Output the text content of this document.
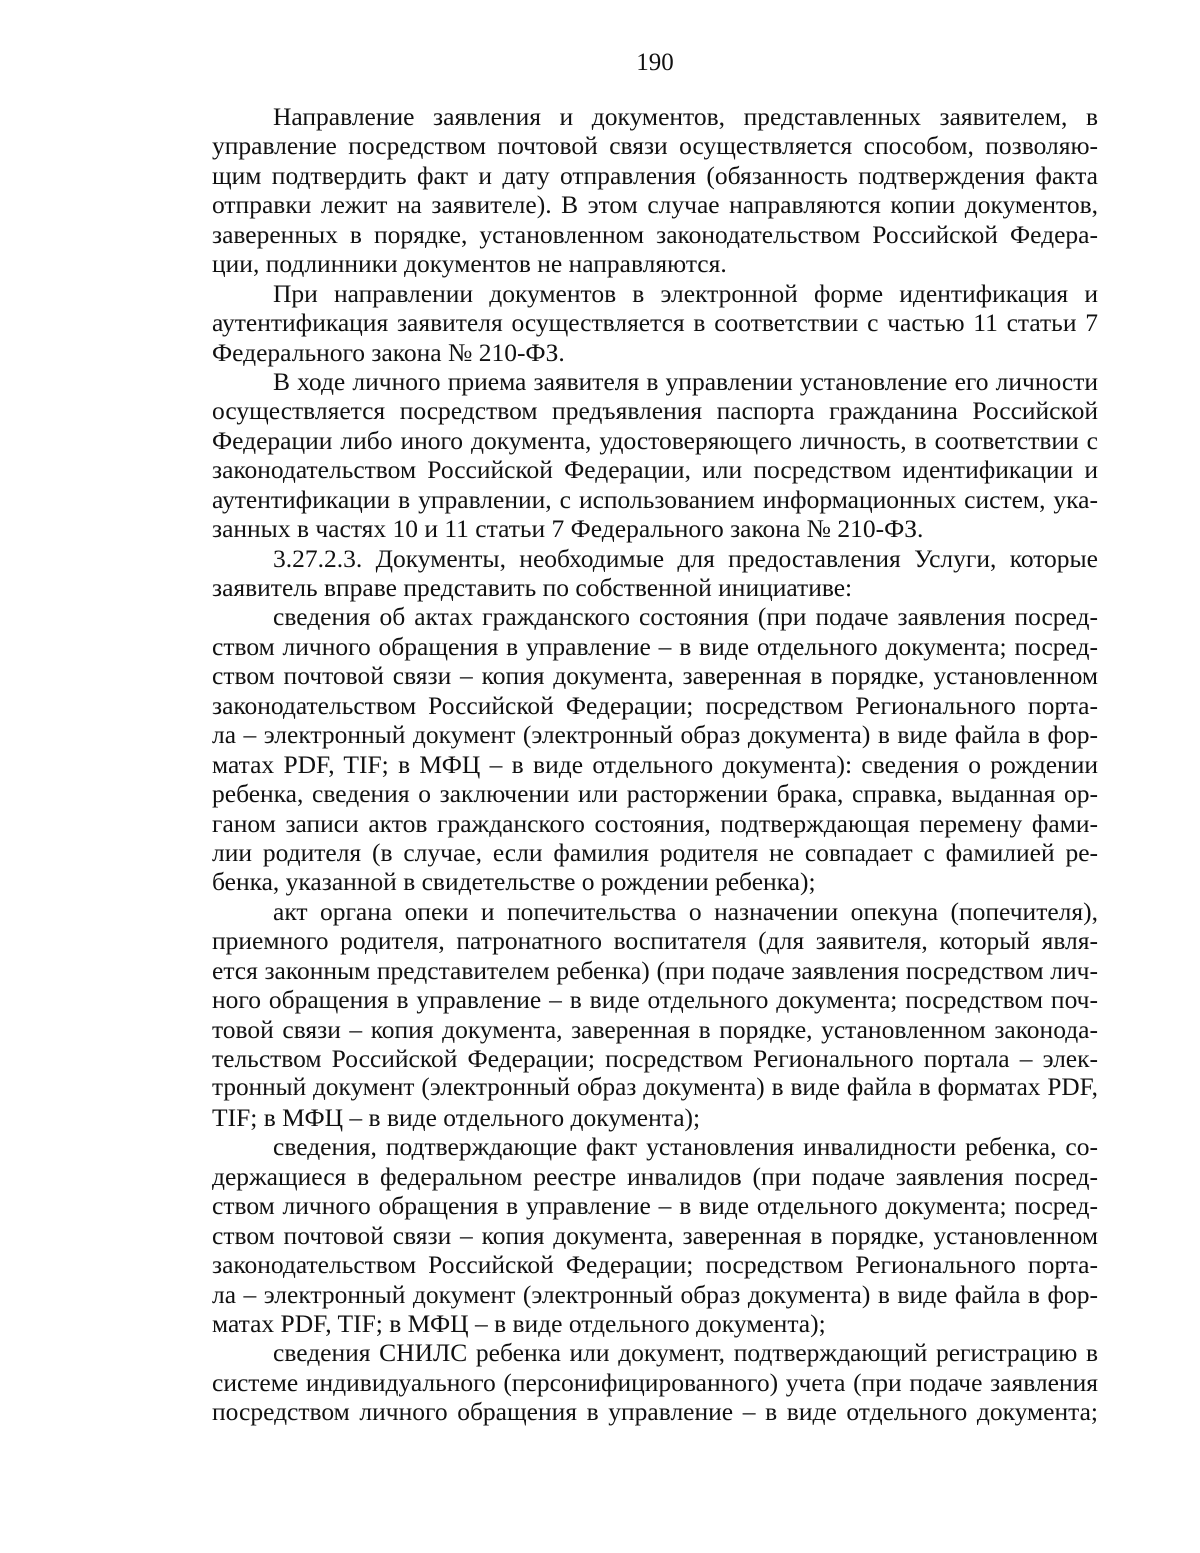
190
Направление заявления и документов, представленных заявителем, в
управление посредством почтовой связи осуществляется способом, позволяю-
щим подтвердить факт и дату отправления (обязанность подтверждения факта
отправки лежит на заявителе). В этом случае направляются копии документов,
заверенных в порядке, установленном законодательством Российской Федера-
ции, подлинники документов не направляются.
При направлении документов в электронной форме идентификация и
аутентификация заявителя осуществляется в соответствии с частью 11 статьи 7
Федерального закона № 210-ФЗ.
В ходе личного приема заявителя в управлении установление его личности
осуществляется посредством предъявления паспорта гражданина Российской
Федерации либо иного документа, удостоверяющего личность, в соответствии с
законодательством Российской Федерации, или посредством идентификации и
аутентификации в управлении, с использованием информационных систем, ука-
занных в частях 10 и 11 статьи 7 Федерального закона № 210-ФЗ.
3.27.2.3. Документы, необходимые для предоставления Услуги, которые
заявитель вправе представить по собственной инициативе:
сведения об актах гражданского состояния (при подаче заявления посред-
ством личного обращения в управление – в виде отдельного документа; посред-
ством почтовой связи – копия документа, заверенная в порядке, установленном
законодательством Российской Федерации; посредством Регионального порта-
ла – электронный документ (электронный образ документа) в виде файла в фор-
матах PDF, TIF; в МФЦ – в виде отдельного документа): сведения о рождении
ребенка, сведения о заключении или расторжении брака, справка, выданная ор-
ганом записи актов гражданского состояния, подтверждающая перемену фами-
лии родителя (в случае, если фамилия родителя не совпадает с фамилией ре-
бенка, указанной в свидетельстве о рождении ребенка);
акт органа опеки и попечительства о назначении опекуна (попечителя),
приемного родителя, патронатного воспитателя (для заявителя, который явля-
ется законным представителем ребенка) (при подаче заявления посредством лич-
ного обращения в управление – в виде отдельного документа; посредством поч-
товой связи – копия документа, заверенная в порядке, установленном законода-
тельством Российской Федерации; посредством Регионального портала – элек-
тронный документ (электронный образ документа) в виде файла в форматах PDF,
TIF; в МФЦ – в виде отдельного документа);
сведения, подтверждающие факт установления инвалидности ребенка, со-
держащиеся в федеральном реестре инвалидов (при подаче заявления посред-
ством личного обращения в управление – в виде отдельного документа; посред-
ством почтовой связи – копия документа, заверенная в порядке, установленном
законодательством Российской Федерации; посредством Регионального порта-
ла – электронный документ (электронный образ документа) в виде файла в фор-
матах PDF, TIF; в МФЦ – в виде отдельного документа);
сведения СНИЛС ребенка или документ, подтверждающий регистрацию в
системе индивидуального (персонифицированного) учета (при подаче заявления
посредством личного обращения в управление – в виде отдельного документа;
